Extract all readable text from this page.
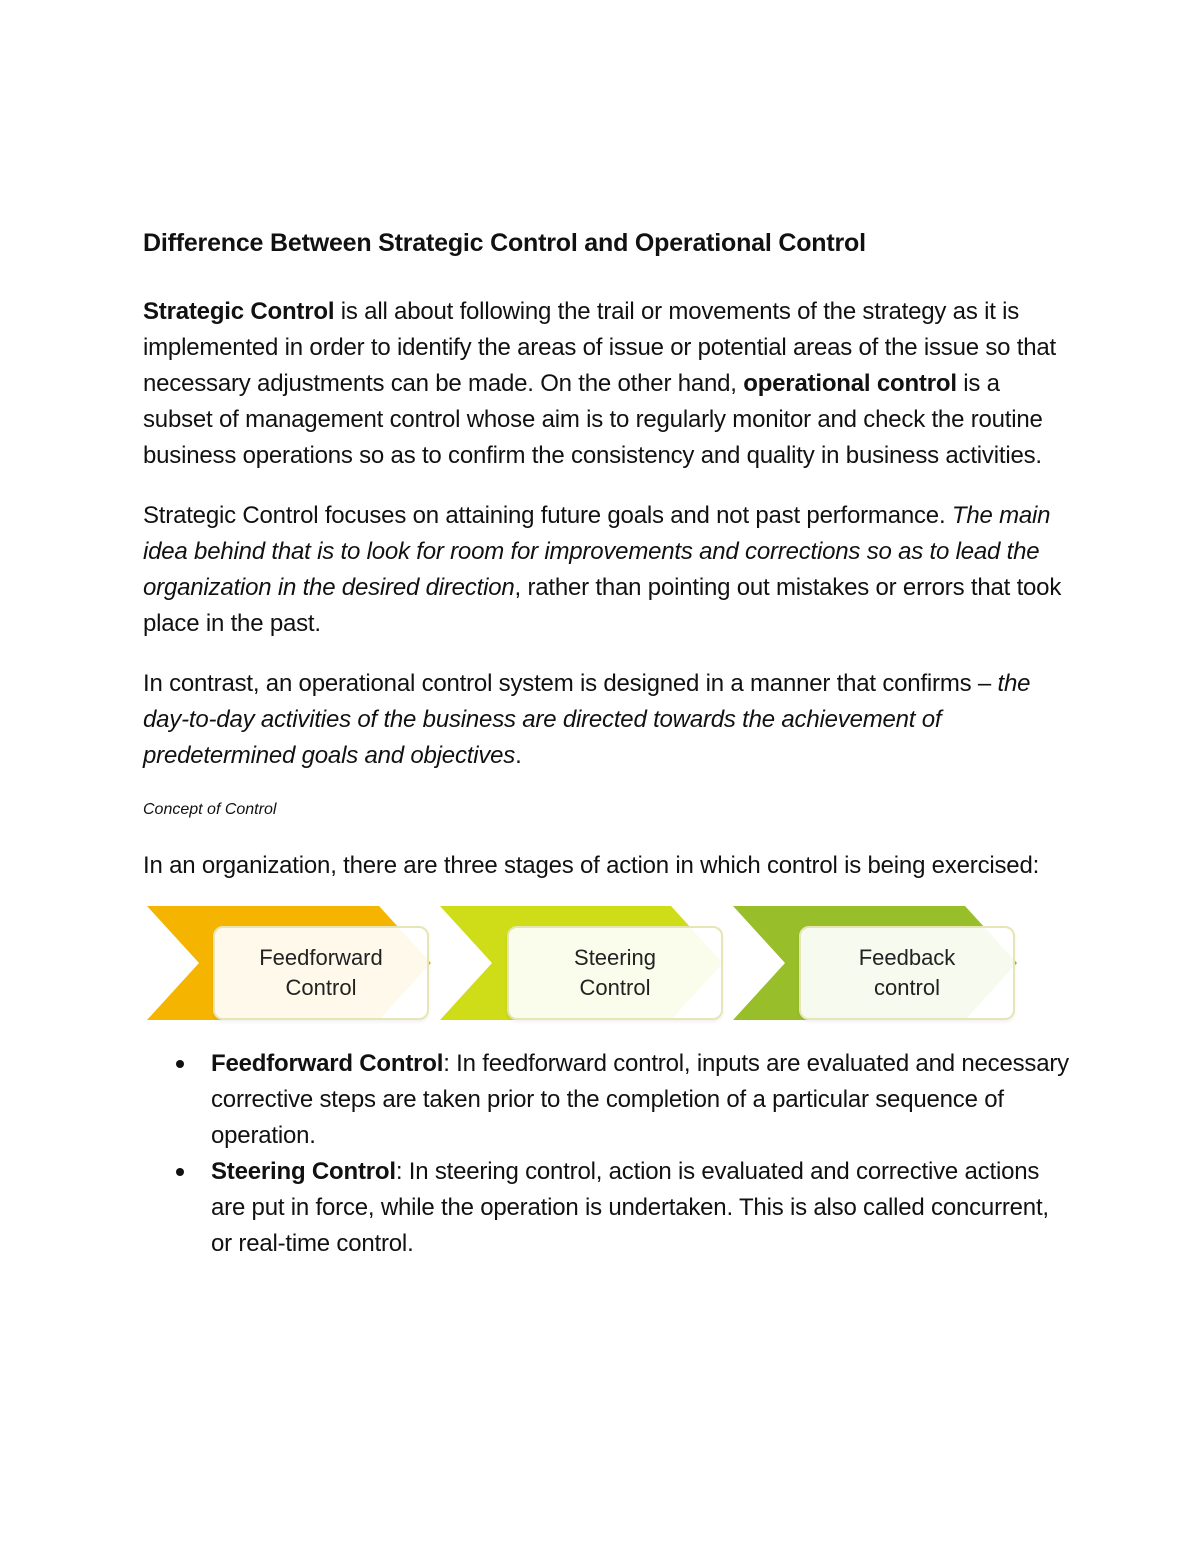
Difference Between Strategic Control and Operational Control

Strategic Control is all about following the trail or movements of the strategy as it is implemented in order to identify the areas of issue or potential areas of the issue so that necessary adjustments can be made. On the other hand, operational control is a subset of management control whose aim is to regularly monitor and check the routine business operations so as to confirm the consistency and quality in business activities.

Strategic Control focuses on attaining future goals and not past performance. The main idea behind that is to look for room for improvements and corrections so as to lead the organization in the desired direction, rather than pointing out mistakes or errors that took place in the past.

In contrast, an operational control system is designed in a manner that confirms – the day-to-day activities of the business are directed towards the achievement of predetermined goals and objectives.

Concept of Control

In an organization, there are three stages of action in which control is being exercised:

Feedforward
Control
Steering
Control
Feedback
control
Feedforward Control: In feedforward control, inputs are evaluated and necessary corrective steps are taken prior to the completion of a particular sequence of operation.
Steering Control: In steering control, action is evaluated and corrective actions are put in force, while the operation is undertaken. This is also called concurrent, or real-time control.
